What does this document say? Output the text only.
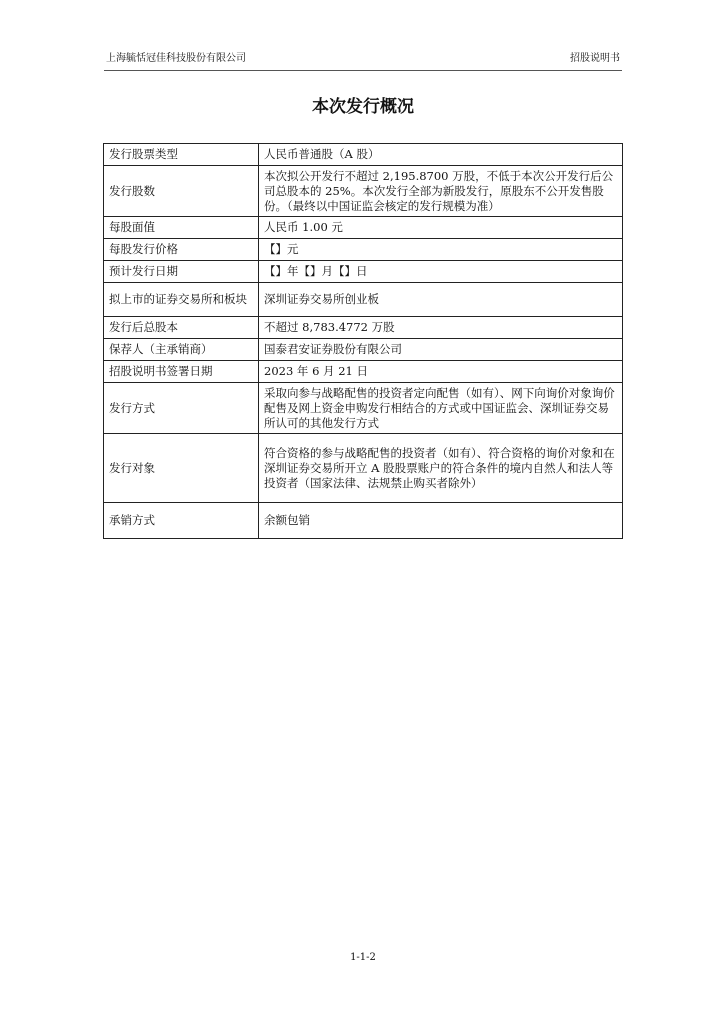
上海毓恬冠佳科技股份有限公司	招股说明书
本次发行概况
发行股票类型	人民币普通股（A 股）
发行股数	本次拟公开发行不超过 2,195.8700 万股，不低于本次公开发行后公司总股本的 25%。本次发行全部为新股发行，原股东不公开发售股份。（最终以中国证监会核定的发行规模为准）
每股面值	人民币 1.00 元
每股发行价格	【】元
预计发行日期	【】年【】月【】日
拟上市的证券交易所和板块	深圳证券交易所创业板
发行后总股本	不超过 8,783.4772 万股
保荐人（主承销商）	国泰君安证券股份有限公司
招股说明书签署日期	2023 年 6 月 21 日
发行方式	采取向参与战略配售的投资者定向配售（如有）、网下向询价对象询价配售及网上资金申购发行相结合的方式或中国证监会、深圳证券交易所认可的其他发行方式
发行对象	符合资格的参与战略配售的投资者（如有）、符合资格的询价对象和在深圳证券交易所开立 A 股股票账户的符合条件的境内自然人和法人等投资者（国家法律、法规禁止购买者除外）
承销方式	余额包销
1-1-2
